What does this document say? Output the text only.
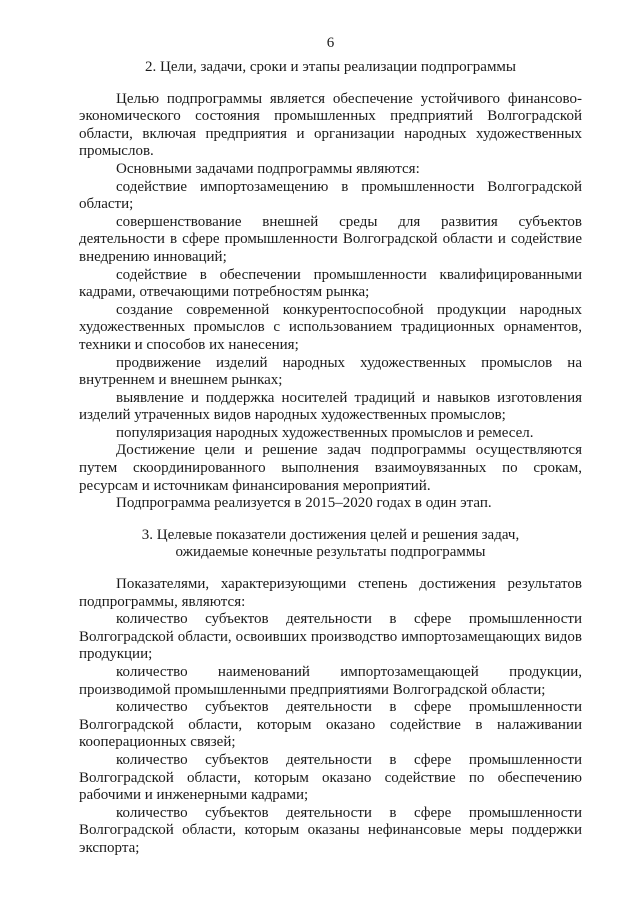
6

2. Цели, задачи, сроки и этапы реализации подпрограммы

Целью подпрограммы является обеспечение устойчивого финансово-экономического состояния промышленных предприятий Волгоградской области, включая предприятия и организации народных художественных промыслов.

Основными задачами подпрограммы являются:

содействие импортозамещению в промышленности Волгоградской области;

совершенствование внешней среды для развития субъектов деятельности в сфере промышленности Волгоградской области и содействие внедрению инноваций;

содействие в обеспечении промышленности квалифицированными кадрами, отвечающими потребностям рынка;

создание современной конкурентоспособной продукции народных художественных промыслов с использованием традиционных орнаментов, техники и способов их нанесения;

продвижение изделий народных художественных промыслов на внутреннем и внешнем рынках;

выявление и поддержка носителей традиций и навыков изготовления изделий утраченных видов народных художественных промыслов;

популяризация народных художественных промыслов и ремесел.

Достижение цели и решение задач подпрограммы осуществляются путем скоординированного выполнения взаимоувязанных по срокам, ресурсам и источникам финансирования мероприятий.

Подпрограмма реализуется в 2015–2020 годах в один этап.

3. Целевые показатели достижения целей и решения задач,
ожидаемые конечные результаты подпрограммы

Показателями, характеризующими степень достижения результатов подпрограммы, являются:

количество субъектов деятельности в сфере промышленности Волгоградской области, освоивших производство импортозамещающих видов продукции;

количество наименований импортозамещающей продукции, производимой промышленными предприятиями Волгоградской области;

количество субъектов деятельности в сфере промышленности Волгоградской области, которым оказано содействие в налаживании кооперационных связей;

количество субъектов деятельности в сфере промышленности Волгоградской области, которым оказано содействие по обеспечению рабочими и инженерными кадрами;

количество субъектов деятельности в сфере промышленности Волгоградской области, которым оказаны нефинансовые меры поддержки экспорта;
